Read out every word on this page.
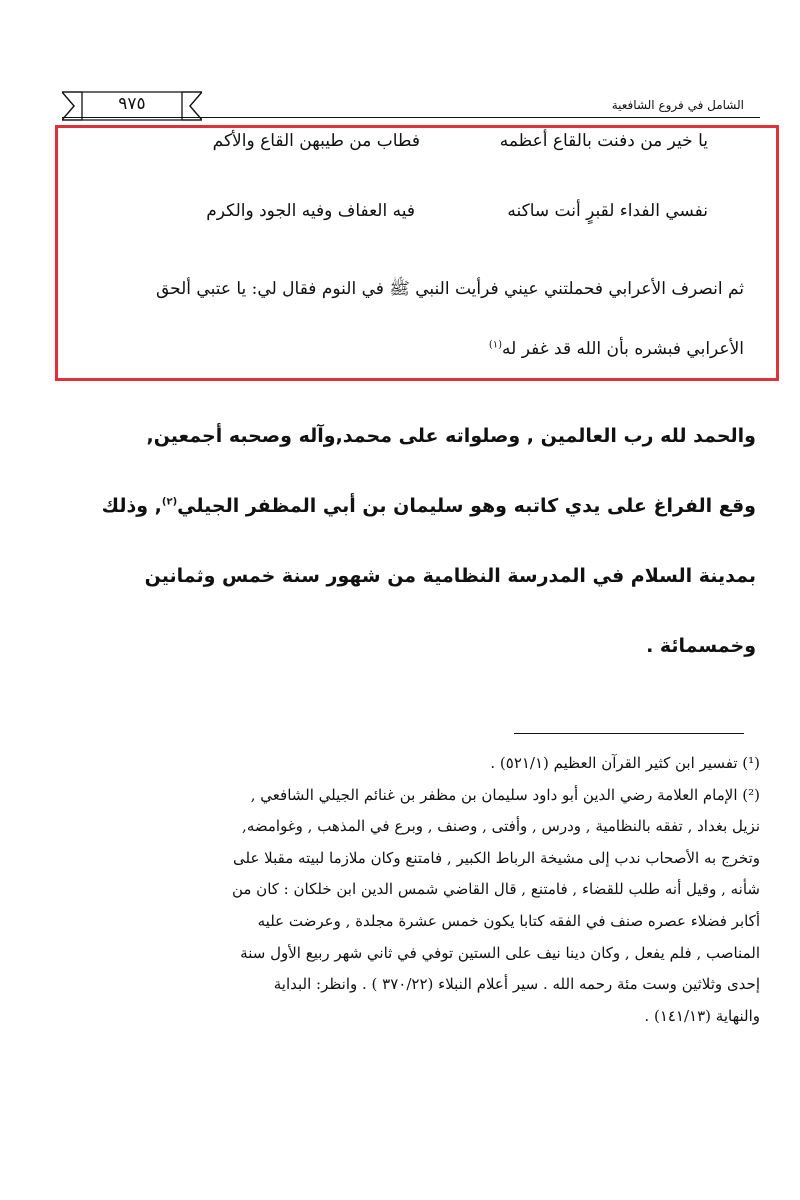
الشامل في فروع الشافعية
٩٧٥
يا خير من دفنت بالقاع أعظمه
فطاب من طيبهن القاع والأكم
نفسي الفداء لقبرٍ أنت ساكنه
فيه العفاف وفيه الجود والكرم
ثم انصرف الأعرابي فحملتني عيني فرأيت النبي ﷺ في النوم فقال لي: يا عتبي ألحق
الأعرابي فبشره بأن الله قد غفر له$^{(١)}$
والحمد لله رب العالمين , وصلواته على محمد,وآله وصحبه أجمعين,
وقع الفراغ على يدي كاتبه وهو سليمان بن أبي المظفر الجيلي$^{(٢)}$, وذلك
بمدينة السلام في المدرسة النظامية من شهور سنة خمس وثمانين
وخمسمائة .
(¹) تفسير ابن كثير القرآن العظيم (٥٢١/١) .
(²) الإمام العلامة رضي الدين أبو داود سليمان بن مظفر بن غنائم الجيلي الشافعي ,
نزيل بغداد , تفقه بالنظامية , ودرس , وأفتى , وصنف , وبرع في المذهب , وغوامضه,
وتخرج به الأصحاب ندب إلى مشيخة الرباط الكبير , فامتنع وكان ملازما لبيته مقبلا على
شأنه , وقيل أنه طلب للقضاء , فامتنع , قال القاضي شمس الدين ابن خلكان : كان من
أكابر فضلاء عصره صنف في الفقه كتابا يكون خمس عشرة مجلدة , وعرضت عليه
المناصب , فلم يفعل , وكان دينا نيف على الستين توفي في ثاني شهر ربيع الأول سنة
إحدى وثلاثين وست مئة رحمه الله . سير أعلام النبلاء (٣٧٠/٢٢ ) . وانظر: البداية
والنهاية (١٤١/١٣) .
